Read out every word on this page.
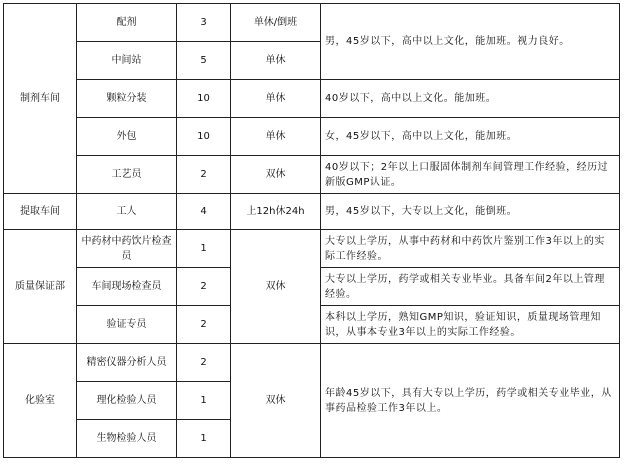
制剂车间	配剂	3	单休/倒班	男，45岁以下，高中以上文化，能加班。视力良好。
	中间站	5	单休	
	颗粒分装	10	单休	40岁以下，高中以上文化。能加班。
	外包	10	单休	女，45岁以下，高中以上文化，能加班。
	工艺员	2	双休	40岁以下；2年以上口服固体制剂车间管理工作经验，经历过新版GMP认证。
提取车间	工人	4	上12h休24h	男，45岁以下，大专以上文化，能倒班。
质量保证部	中药材中药饮片检查员	1	双休	大专以上学历，从事中药材和中药饮片鉴别工作3年以上的实际工作经验。
	车间现场检查员	2		大专以上学历，药学或相关专业毕业。具备车间2年以上管理经验。
	验证专员	2		本科以上学历，熟知GMP知识，验证知识，质量现场管理知识，从事本专业3年以上的实际工作经验。
化验室	精密仪器分析人员	2	双休	年龄45岁以下，具有大专以上学历，药学或相关专业毕业，从事药品检验工作3年以上。
	理化检验人员	1		
	生物检验人员	1		
